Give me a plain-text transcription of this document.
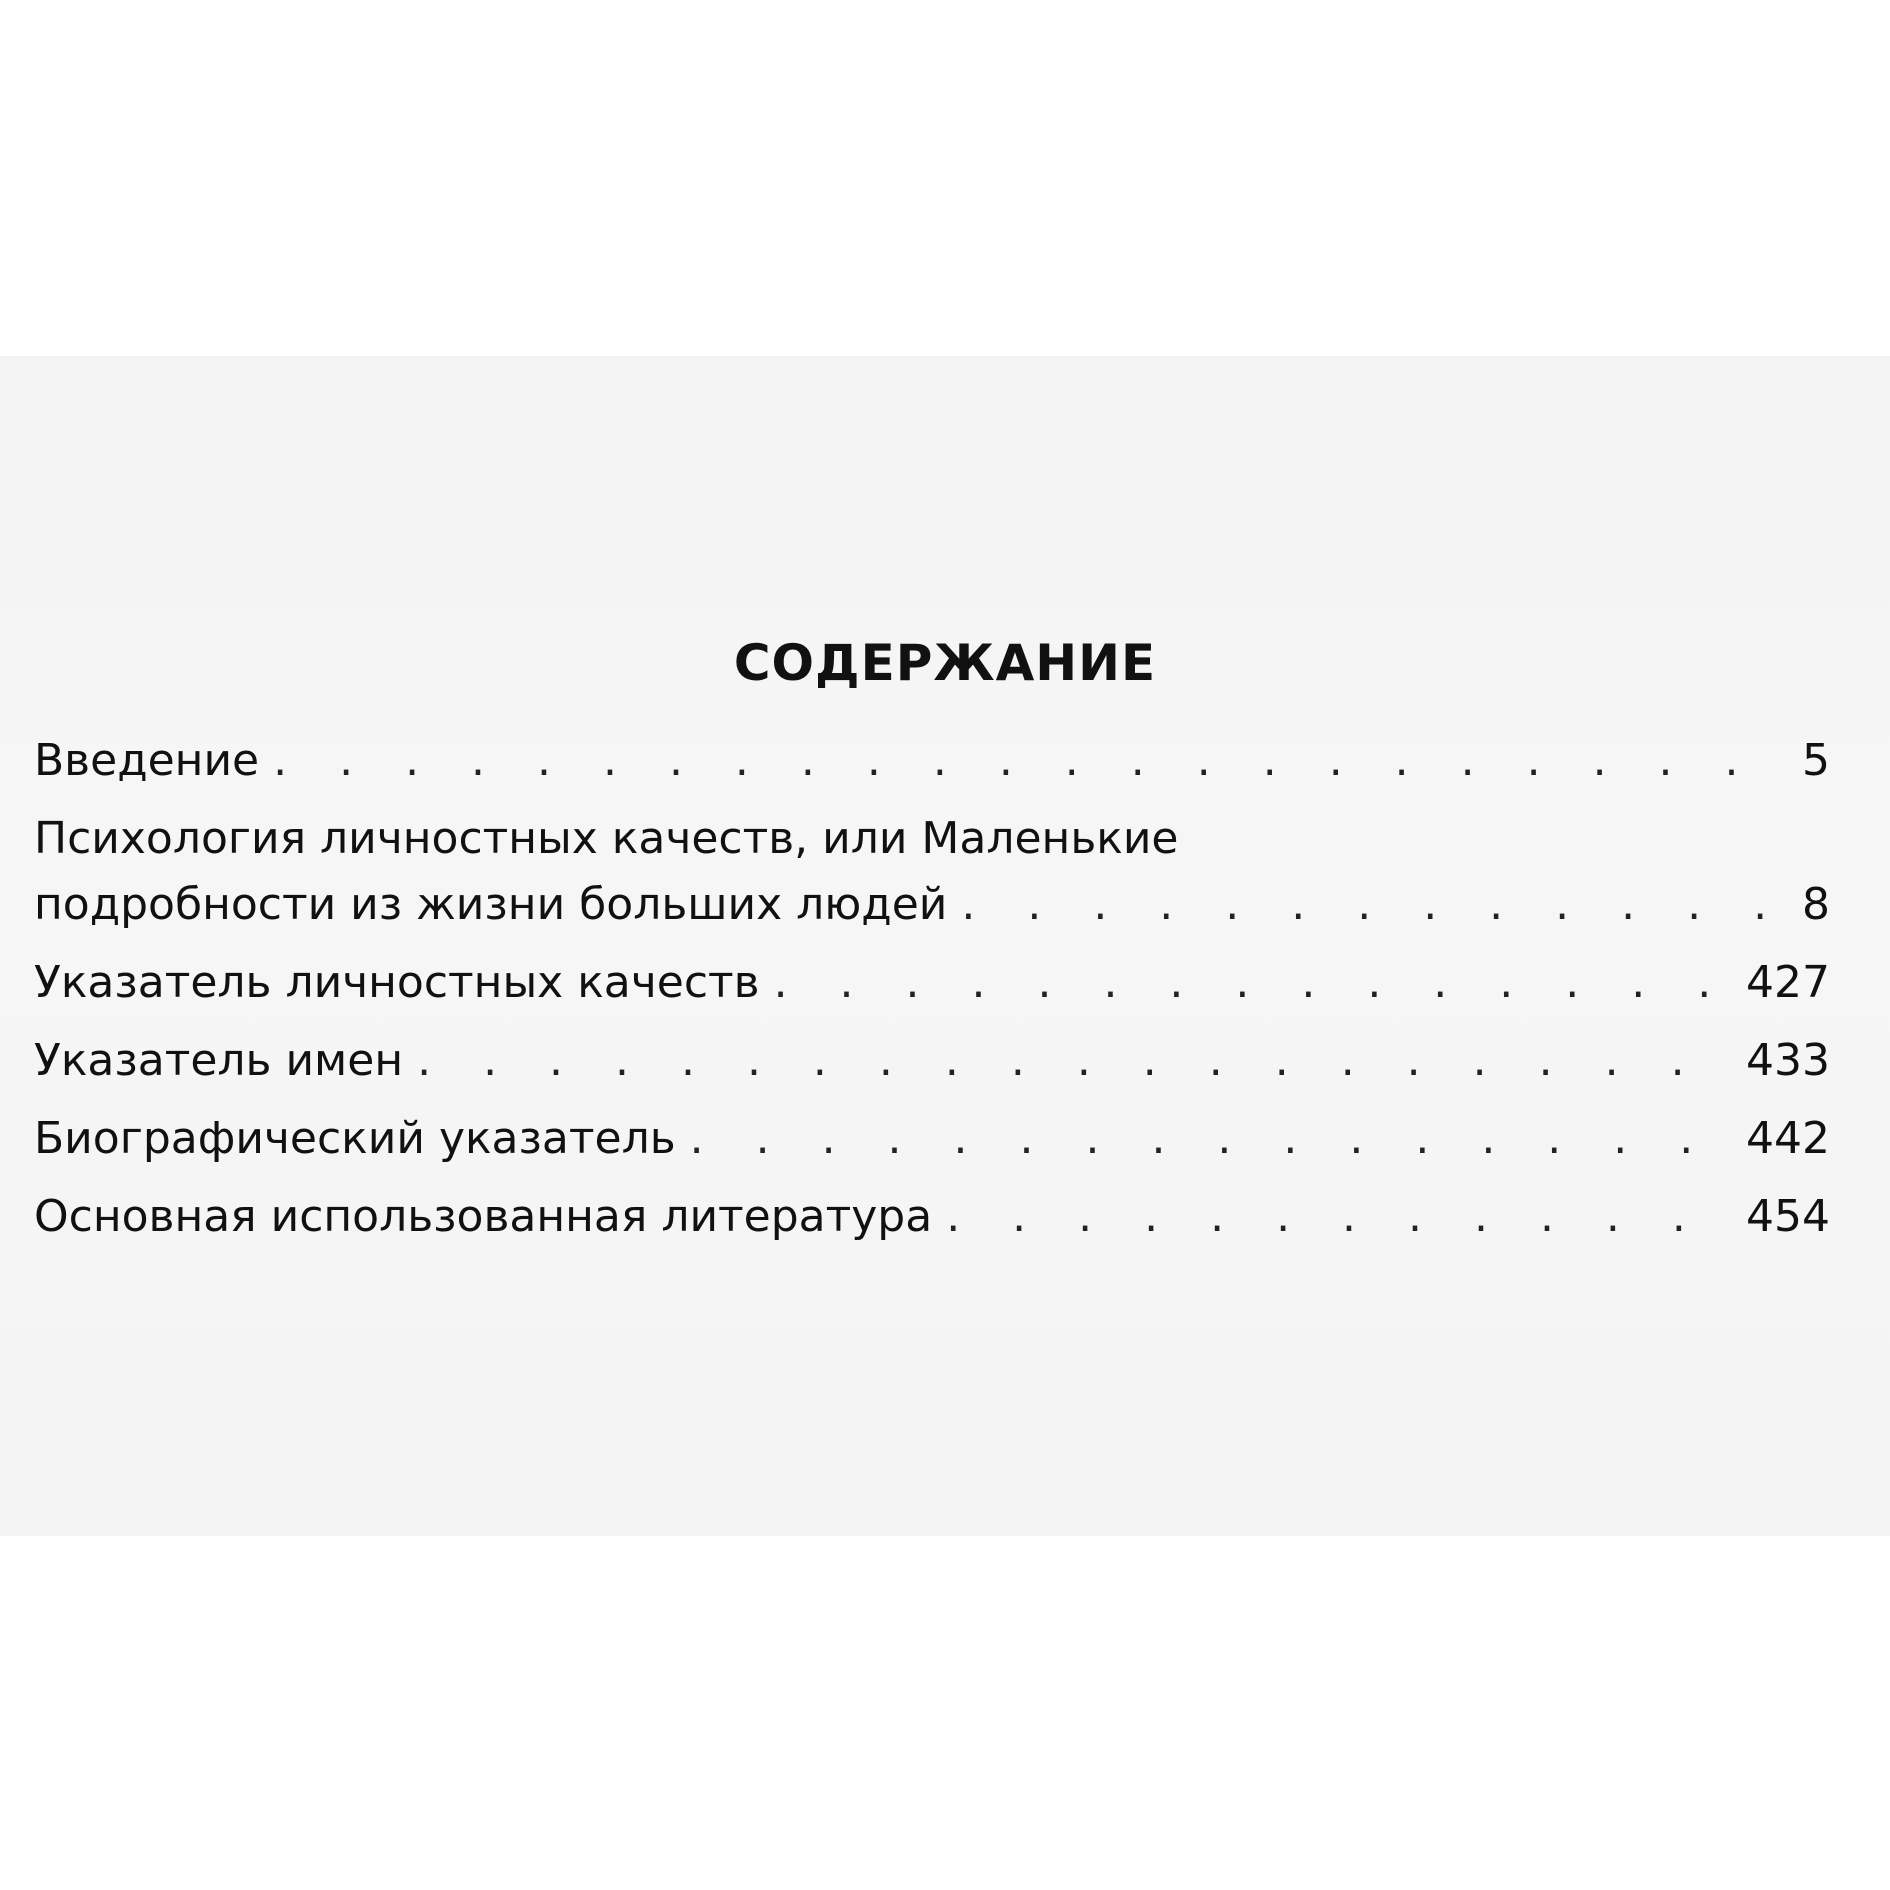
СОДЕРЖАНИЕ
Введение . . .	5
Психология личностных качеств, или Маленькие
подробности из жизни больших людей . . .	8
Указатель личностных качеств . . .	427
Указатель имен . . .	433
Биографический указатель . . .	442
Основная использованная литература . . .	454
